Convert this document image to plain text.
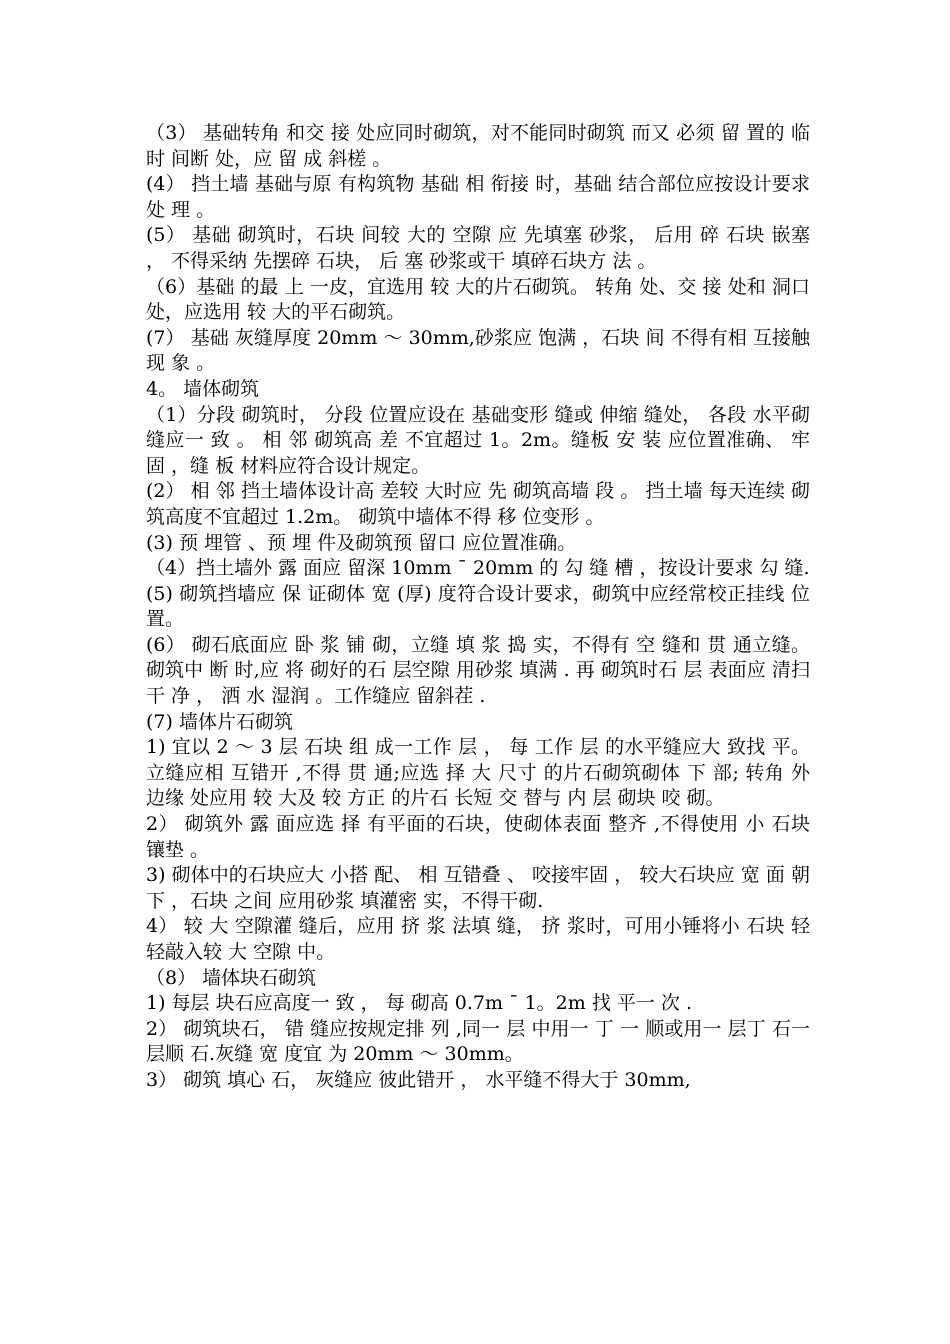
（3） 基础转角 和交 接 处应同时砌筑，对不能同时砌筑 而又 必须 留 置的 临 时 间断 处，应 留 成 斜槎 。

(4） 挡土墙 基础与原 有构筑物 基础 相 衔接 时，基础 结合部位应按设计要求处 理 。

(5） 基础 砌筑时，石块 间较 大的 空隙 应 先填塞 砂浆， 后用 碎 石块 嵌塞 ， 不得采纳 先摆碎 石块， 后 塞 砂浆或干 填碎石块方 法 。

（6）基础 的最 上 一皮，宜选用 较 大的片石砌筑。 转角 处、交 接 处和 洞口 处，应选用 较 大的平石砌筑。

(7） 基础 灰缝厚度 20mm ～ 30mm,砂浆应 饱满 ，石块 间 不得有相 互接触 现 象 。

4。 墙体砌筑

（1）分段 砌筑时， 分段 位置应设在 基础变形 缝或 伸缩 缝处， 各段 水平砌缝应一 致 。 相 邻 砌筑高 差 不宜超过 1。2m。缝板 安 装 应位置准确、 牢固 ，缝 板 材料应符合设计规定。

(2） 相 邻 挡土墙体设计高 差较 大时应 先 砌筑高墙 段 。 挡土墙 每天连续 砌筑高度不宜超过 1.2m。 砌筑中墙体不得 移 位变形 。

(3) 预 埋管 、预 埋 件及砌筑预 留口 应位置准确。

（4）挡土墙外 露 面应 留深 10mm ¯ 20mm 的 勾 缝 槽 ，按设计要求 勾 缝.

(5) 砌筑挡墙应 保 证砌体 宽 (厚) 度符合设计要求，砌筑中应经常校正挂线 位置。

(6） 砌石底面应 卧 浆 铺 砌，立缝 填 浆 捣 实，不得有 空 缝和 贯 通立缝。 砌筑中 断 时,应 将 砌好的石 层空隙 用砂浆 填满 . 再 砌筑时石 层 表面应 清扫 干 净 ， 洒 水 湿润 。工作缝应 留斜茬 .

(7) 墙体片石砌筑

1) 宜以 2 ～ 3 层 石块 组 成一工作 层 ， 每 工作 层 的水平缝应大 致找 平。 立缝应相 互错开 ,不得 贯 通;应选 择 大 尺寸 的片石砌筑砌体 下 部; 转角 外 边缘 处应用 较 大及 较 方正 的片石 长短 交 替与 内 层 砌块 咬 砌。

2） 砌筑外 露 面应选 择 有平面的石块，使砌体表面 整齐 ,不得使用 小 石块 镶垫 。

3) 砌体中的石块应大 小搭 配、 相 互错叠 、 咬接牢固 ， 较大石块应 宽 面 朝下 ，石块 之间 应用砂浆 填灌密 实，不得干砌.

4） 较 大 空隙灌 缝后，应用 挤 浆 法填 缝， 挤 浆时，可用小锤将小 石块 轻轻敲入较 大 空隙 中。

（8） 墙体块石砌筑

1) 每层 块石应高度一 致 ， 每 砌高 0.7m ¯ 1。2m 找 平一 次 .

2） 砌筑块石， 错 缝应按规定排 列 ,同一 层 中用一 丁 一 顺或用一 层丁 石一 层顺 石.灰缝 宽 度宜 为 20mm ～ 30mm。

3） 砌筑 填心 石， 灰缝应 彼此错开 ， 水平缝不得大于 30mm,
